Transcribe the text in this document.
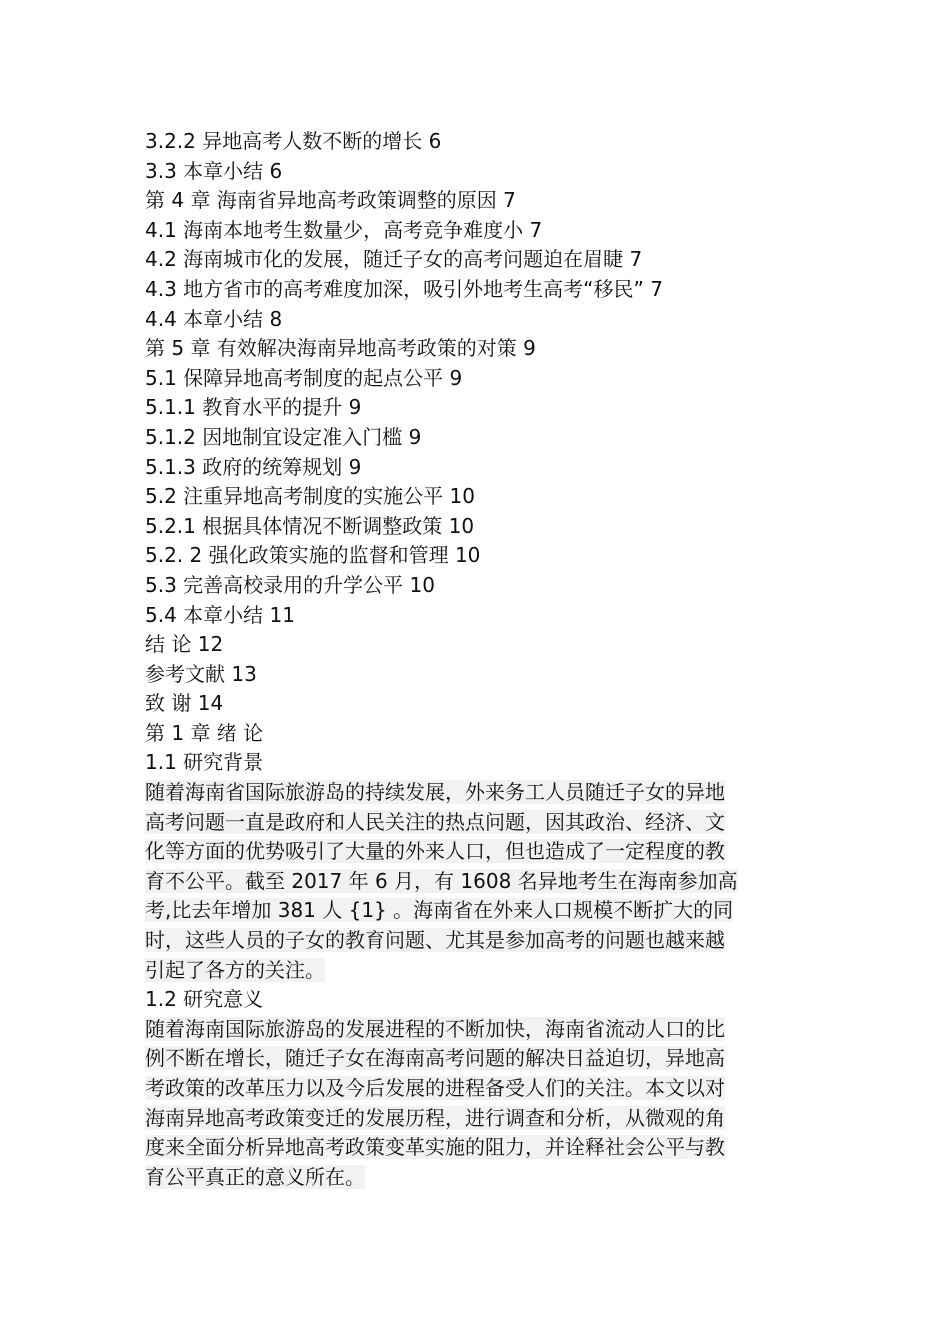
3.2.2 异地高考人数不断的增长 6
3.3 本章小结 6
第 4 章 海南省异地高考政策调整的原因 7
4.1 海南本地考生数量少，高考竞争难度小 7
4.2 海南城市化的发展，随迁子女的高考问题迫在眉睫 7
4.3 地方省市的高考难度加深，吸引外地考生高考“移民” 7
4.4 本章小结 8
第 5 章 有效解决海南异地高考政策的对策 9
5.1 保障异地高考制度的起点公平 9
5.1.1 教育水平的提升 9
5.1.2 因地制宜设定准入门槛 9
5.1.3 政府的统筹规划 9
5.2 注重异地高考制度的实施公平 10
5.2.1 根据具体情况不断调整政策 10
5.2. 2 强化政策实施的监督和管理 10
5.3 完善高校录用的升学公平 10
5.4 本章小结 11
结 论 12
参考文献 13
致 谢 14
第 1 章 绪 论
1.1 研究背景
随着海南省国际旅游岛的持续发展，外来务工人员随迁子女的异地
高考问题一直是政府和人民关注的热点问题，因其政治、经济、文
化等方面的优势吸引了大量的外来人口，但也造成了一定程度的教
育不公平。截至 2017 年 6 月，有 1608 名异地考生在海南参加高
考,比去年增加 381 人 {1} 。海南省在外来人口规模不断扩大的同
时，这些人员的子女的教育问题、尤其是参加高考的问题也越来越
引起了各方的关注。
1.2 研究意义
随着海南国际旅游岛的发展进程的不断加快，海南省流动人口的比
例不断在增长，随迁子女在海南高考问题的解决日益迫切，异地高
考政策的改革压力以及今后发展的进程备受人们的关注。本文以对
海南异地高考政策变迁的发展历程，进行调查和分析，从微观的角
度来全面分析异地高考政策变革实施的阻力，并诠释社会公平与教
育公平真正的意义所在。
